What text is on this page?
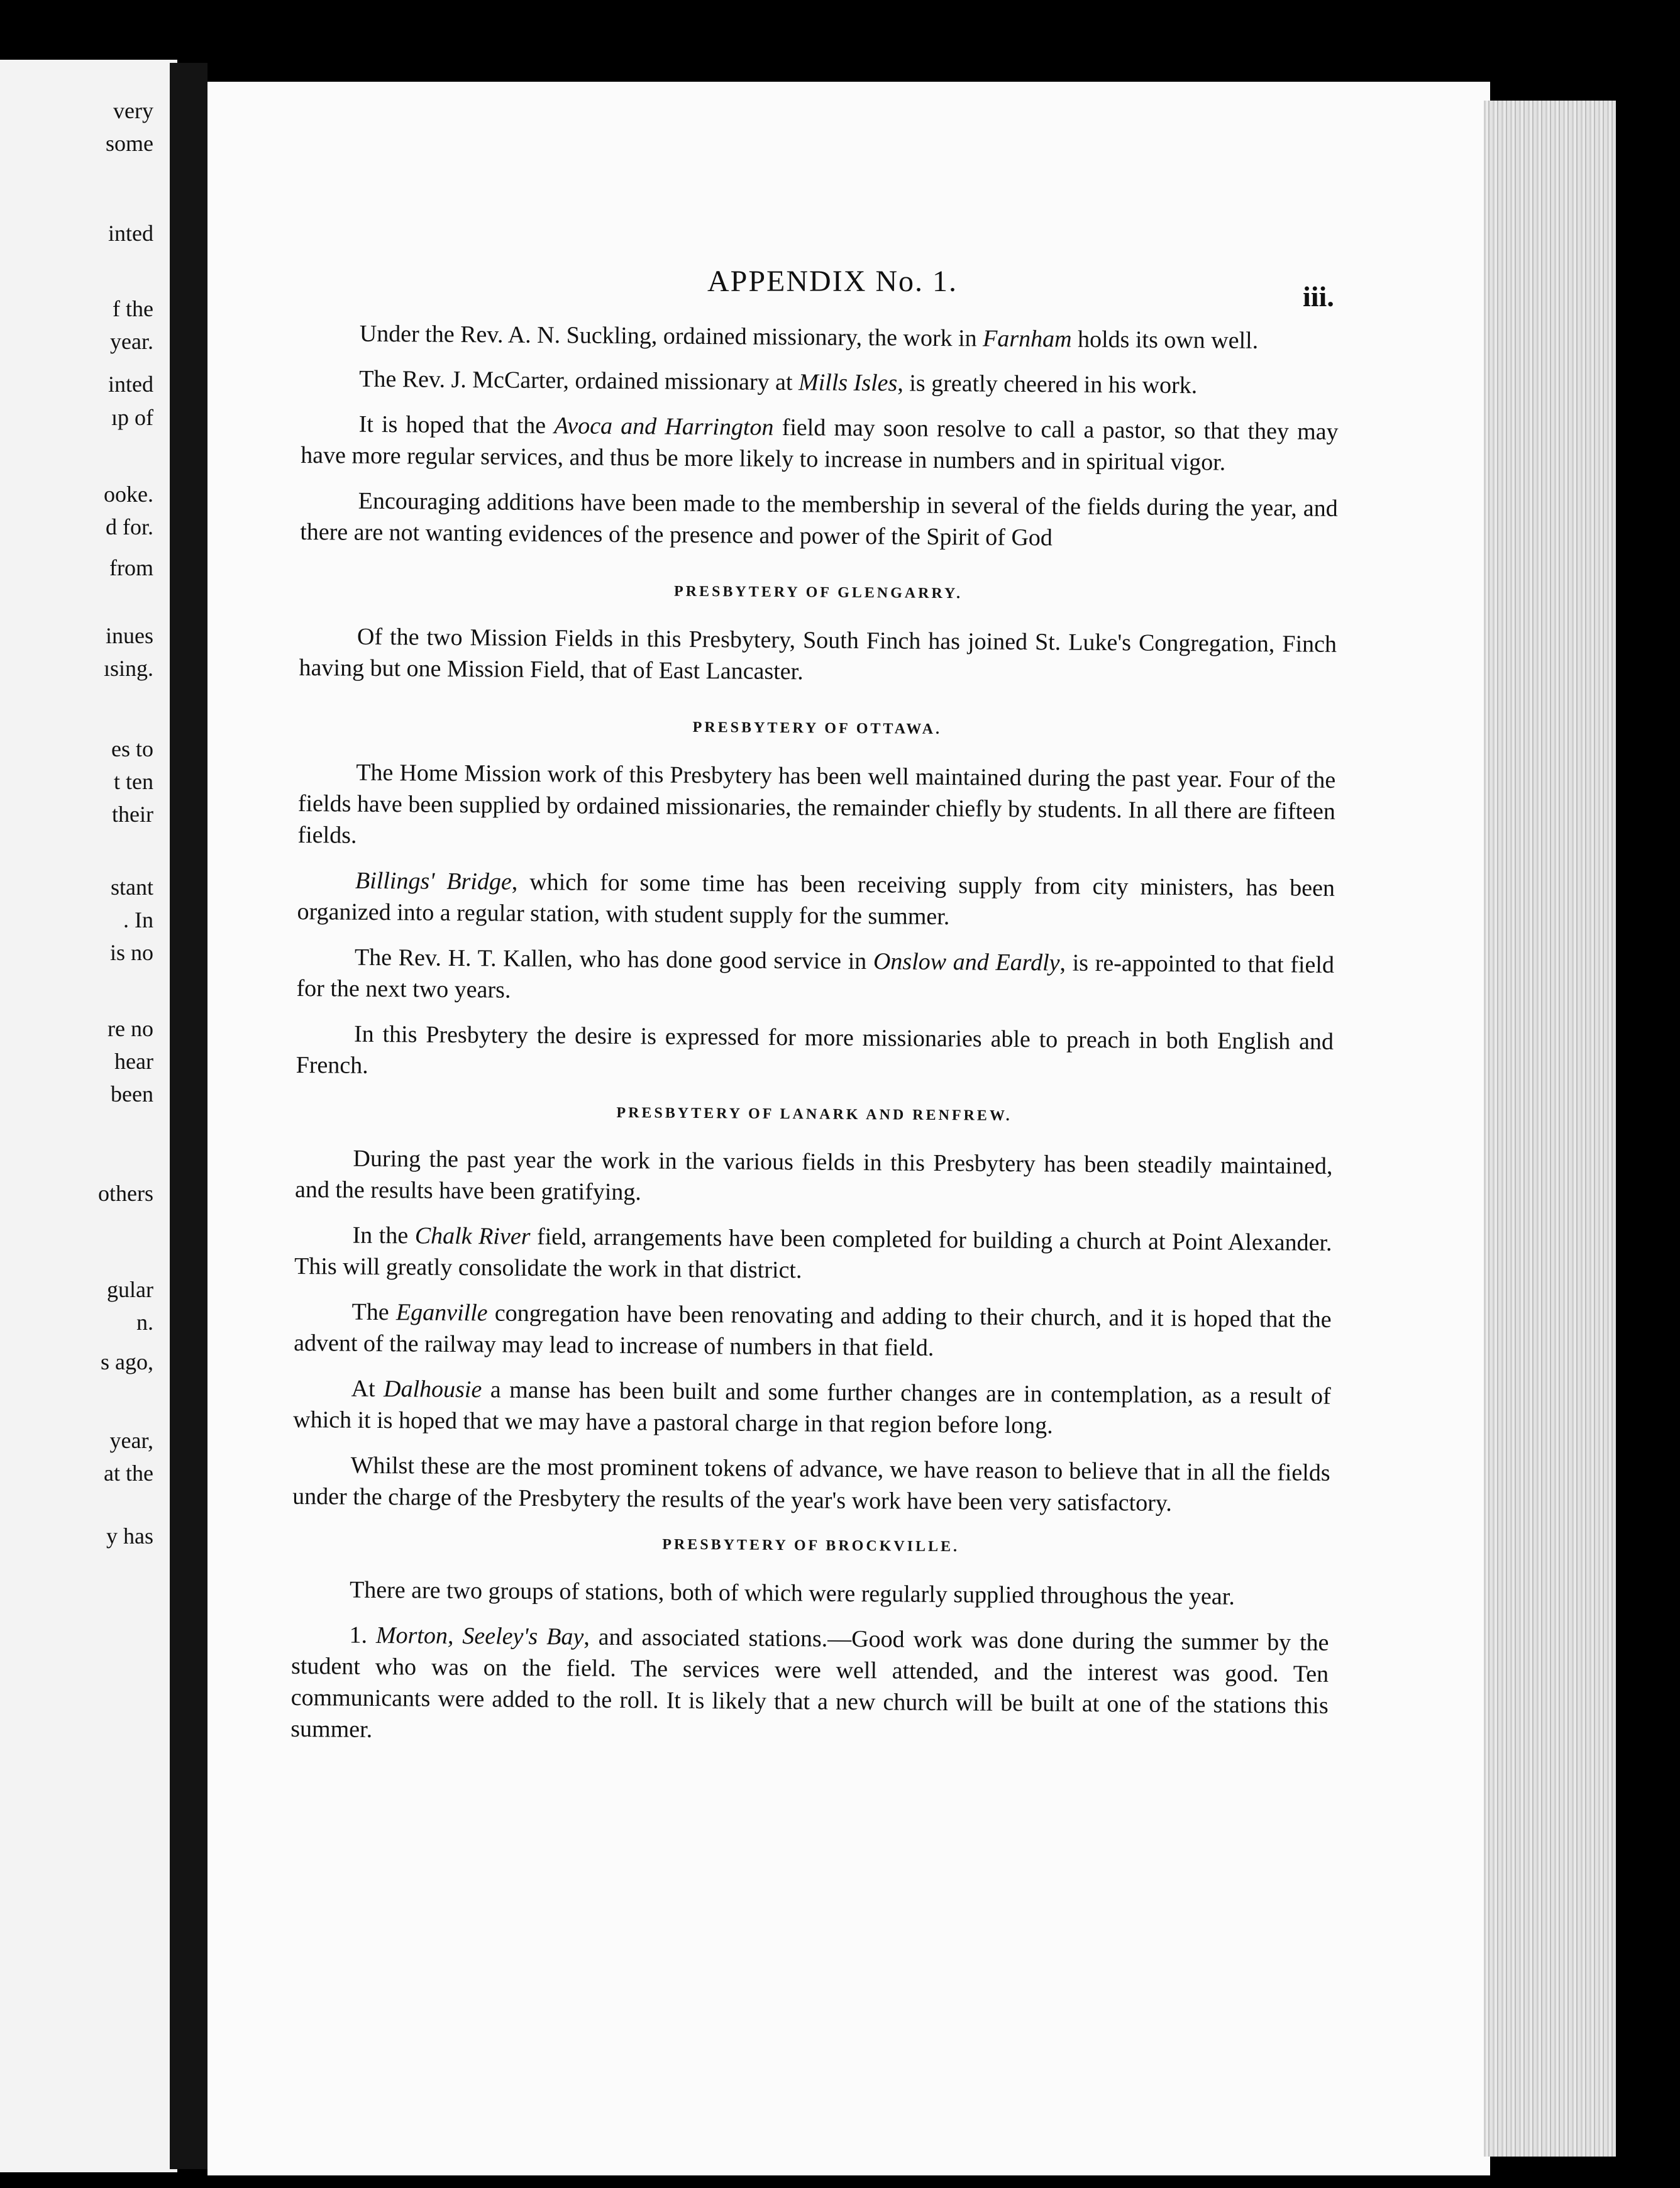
very
some
inted
f the
year.
inted
ıp of
ooke.
d for.
from
inues
ısing.
es to
t ten
their
stant
. In
is no
re no
hear
been
others
gular
n.
s ago,
year,
at the
y has
APPENDIX No. 1.	iii.

Under the Rev. A. N. Suckling, ordained missionary, the work in Farnham holds its own well.

The Rev. J. McCarter, ordained missionary at Mills Isles, is greatly cheered in his work.

It is hoped that the Avoca and Harrington field may soon resolve to call a pastor, so that they may have more regular services, and thus be more likely to increase in numbers and in spiritual vigor.

Encouraging additions have been made to the membership in several of the fields during the year, and there are not wanting evidences of the presence and power of the Spirit of God

PRESBYTERY OF GLENGARRY.

Of the two Mission Fields in this Presbytery, South Finch has joined St. Luke's Congregation, Finch having but one Mission Field, that of East Lancaster.

PRESBYTERY OF OTTAWA.

The Home Mission work of this Presbytery has been well maintained during the past year. Four of the fields have been supplied by ordained missionaries, the remainder chiefly by students. In all there are fifteen fields.

Billings' Bridge, which for some time has been receiving supply from city ministers, has been organized into a regular station, with student supply for the summer.

The Rev. H. T. Kallen, who has done good service in Onslow and Eardly, is re-appointed to that field for the next two years.

In this Presbytery the desire is expressed for more missionaries able to preach in both English and French.

PRESBYTERY OF LANARK AND RENFREW.

During the past year the work in the various fields in this Presbytery has been steadily maintained, and the results have been gratifying.

In the Chalk River field, arrangements have been completed for building a church at Point Alexander. This will greatly consolidate the work in that district.

The Eganville congregation have been renovating and adding to their church, and it is hoped that the advent of the railway may lead to increase of numbers in that field.

At Dalhousie a manse has been built and some further changes are in contemplation, as a result of which it is hoped that we may have a pastoral charge in that region before long.

Whilst these are the most prominent tokens of advance, we have reason to believe that in all the fields under the charge of the Presbytery the results of the year's work have been very satisfactory.

PRESBYTERY OF BROCKVILLE.

There are two groups of stations, both of which were regularly supplied throughous the year.

1. Morton, Seeley's Bay, and associated stations.—Good work was done during the summer by the student who was on the field. The services were well attended, and the interest was good. Ten communicants were added to the roll. It is likely that a new church will be built at one of the stations this summer.
